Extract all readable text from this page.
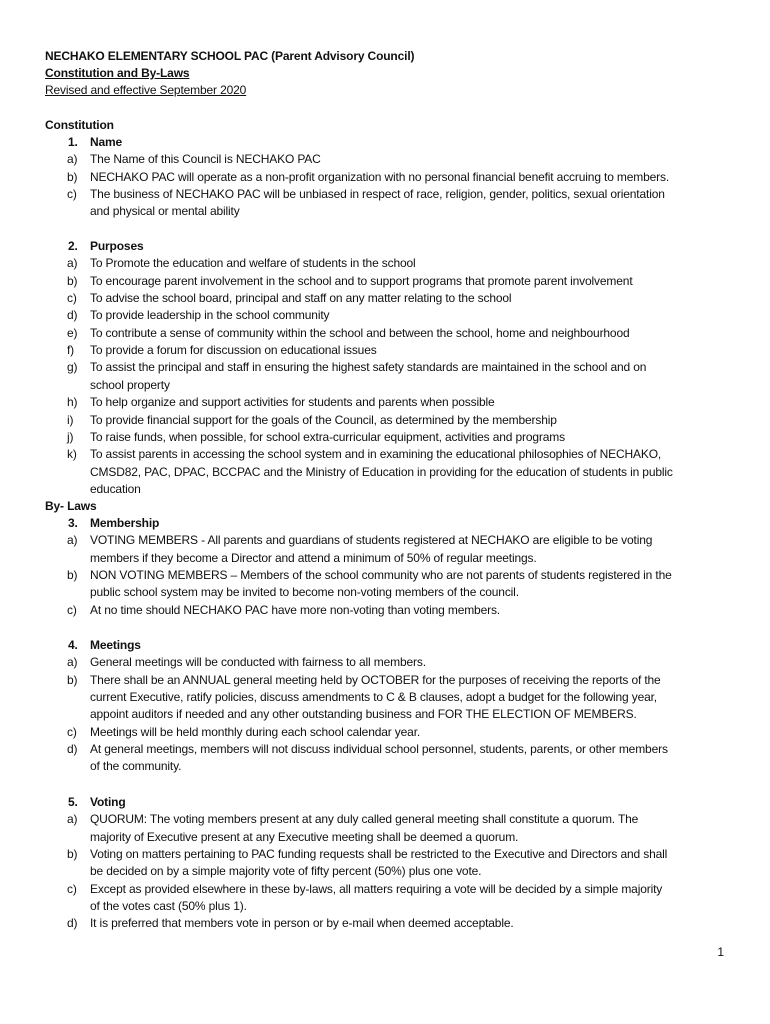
NECHAKO ELEMENTARY SCHOOL PAC (Parent Advisory Council)
Constitution and By-Laws
Revised and effective September 2020
Constitution
1. Name
a) The Name of this Council is NECHAKO PAC
b) NECHAKO PAC will operate as a non-profit organization with no personal financial benefit accruing to members.
c) The business of NECHAKO PAC will be unbiased in respect of race, religion, gender, politics, sexual orientation
and physical or mental ability
2. Purposes
a) To Promote the education and welfare of students in the school
b) To encourage parent involvement in the school and to support programs that promote parent involvement
c) To advise the school board, principal and staff on any matter relating to the school
d) To provide leadership in the school community
e) To contribute a sense of community within the school and between the school, home and neighbourhood
f) To provide a forum for discussion on educational issues
g) To assist the principal and staff in ensuring the highest safety standards are maintained in the school and on
school property
h) To help organize and support activities for students and parents when possible
i) To provide financial support for the goals of the Council, as determined by the membership
j) To raise funds, when possible, for school extra-curricular equipment, activities and programs
k) To assist parents in accessing the school system and in examining the educational philosophies of NECHAKO,
CMSD82, PAC, DPAC, BCCPAC and the Ministry of Education in providing for the education of students in public
education
By- Laws
3. Membership
a) VOTING MEMBERS - All parents and guardians of students registered at NECHAKO are eligible to be voting
members if they become a Director and attend a minimum of 50% of regular meetings.
b) NON VOTING MEMBERS – Members of the school community who are not parents of students registered in the
public school system may be invited to become non-voting members of the council.
c) At no time should NECHAKO PAC have more non-voting than voting members.
4. Meetings
a) General meetings will be conducted with fairness to all members.
b) There shall be an ANNUAL general meeting held by OCTOBER for the purposes of receiving the reports of the
current Executive, ratify policies, discuss amendments to C & B clauses, adopt a budget for the following year,
appoint auditors if needed and any other outstanding business and FOR THE ELECTION OF MEMBERS.
c) Meetings will be held monthly during each school calendar year.
d) At general meetings, members will not discuss individual school personnel, students, parents, or other members
of the community.
5. Voting
a) QUORUM: The voting members present at any duly called general meeting shall constitute a quorum. The
majority of Executive present at any Executive meeting shall be deemed a quorum.
b) Voting on matters pertaining to PAC funding requests shall be restricted to the Executive and Directors and shall
be decided on by a simple majority vote of fifty percent (50%) plus one vote.
c) Except as provided elsewhere in these by-laws, all matters requiring a vote will be decided by a simple majority
of the votes cast (50% plus 1).
d) It is preferred that members vote in person or by e-mail when deemed acceptable.
1
